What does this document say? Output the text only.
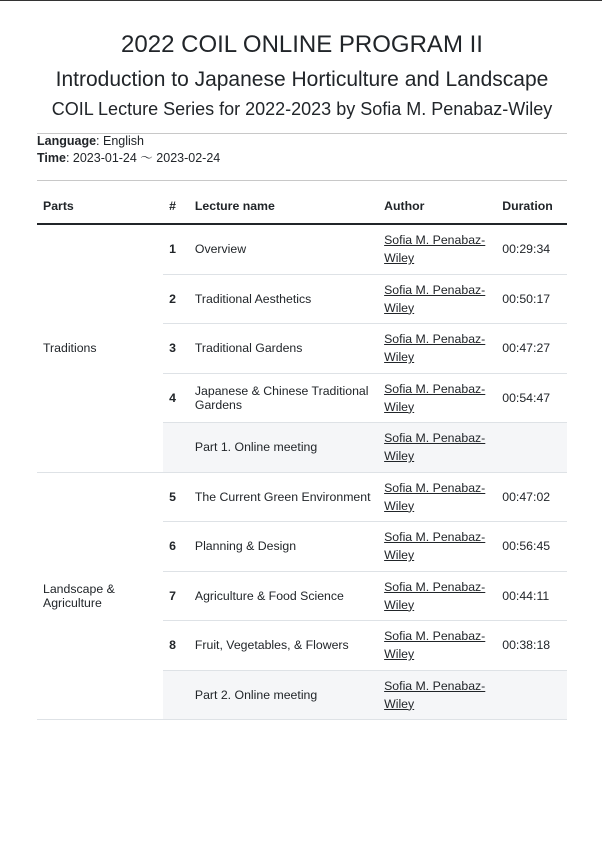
2022 COIL ONLINE PROGRAM II
Introduction to Japanese Horticulture and Landscape
COIL Lecture Series for 2022-2023 by Sofia M. Penabaz-Wiley

Language: English

Time: 2023-01-24 〜 2023-02-24

Parts	#	Lecture name	Author	Duration
Traditions	1	Overview	Sofia M. Penabaz-Wiley	00:29:34
	2	Traditional Aesthetics	Sofia M. Penabaz-Wiley	00:50:17
	3	Traditional Gardens	Sofia M. Penabaz-Wiley	00:47:27
	4	Japanese & Chinese Traditional Gardens	Sofia M. Penabaz-Wiley	00:54:47
		Part 1. Online meeting	Sofia M. Penabaz-Wiley	
Landscape & Agriculture	5	The Current Green Environment	Sofia M. Penabaz-Wiley	00:47:02
	6	Planning & Design	Sofia M. Penabaz-Wiley	00:56:45
	7	Agriculture & Food Science	Sofia M. Penabaz-Wiley	00:44:11
	8	Fruit, Vegetables, & Flowers	Sofia M. Penabaz-Wiley	00:38:18
		Part 2. Online meeting	Sofia M. Penabaz-Wiley	
